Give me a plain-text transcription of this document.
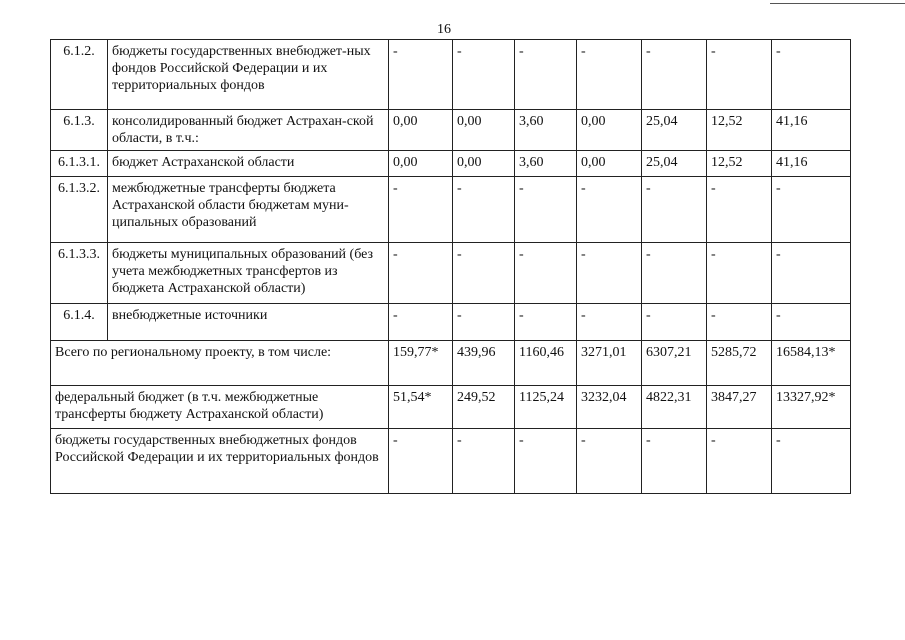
16
6.1.2.	бюджеты государственных внебюджет-ных фондов Российской Федерации и их территориальных фондов	-	-	-	-	-	-	-
6.1.3.	консолидированный бюджет Астрахан-ской области, в т.ч.:	0,00	0,00	3,60	0,00	25,04	12,52	41,16
6.1.3.1.	бюджет Астраханской области	0,00	0,00	3,60	0,00	25,04	12,52	41,16
6.1.3.2.	межбюджетные трансферты бюджета Астраханской области бюджетам муни-ципальных образований	-	-	-	-	-	-	-
6.1.3.3.	бюджеты муниципальных образований (без учета межбюджетных трансфертов из бюджета Астраханской области)	-	-	-	-	-	-	-
6.1.4.	внебюджетные источники	-	-	-	-	-	-	-
Всего по региональному проекту, в том числе:		159,77*	439,96	1160,46	3271,01	6307,21	5285,72	16584,13*
федеральный бюджет (в т.ч. межбюджетные трансферты бюджету Астраханской области)		51,54*	249,52	1125,24	3232,04	4822,31	3847,27	13327,92*
бюджеты государственных внебюджетных фондов Российской Федерации и их территориальных фондов		-	-	-	-	-	-	-
